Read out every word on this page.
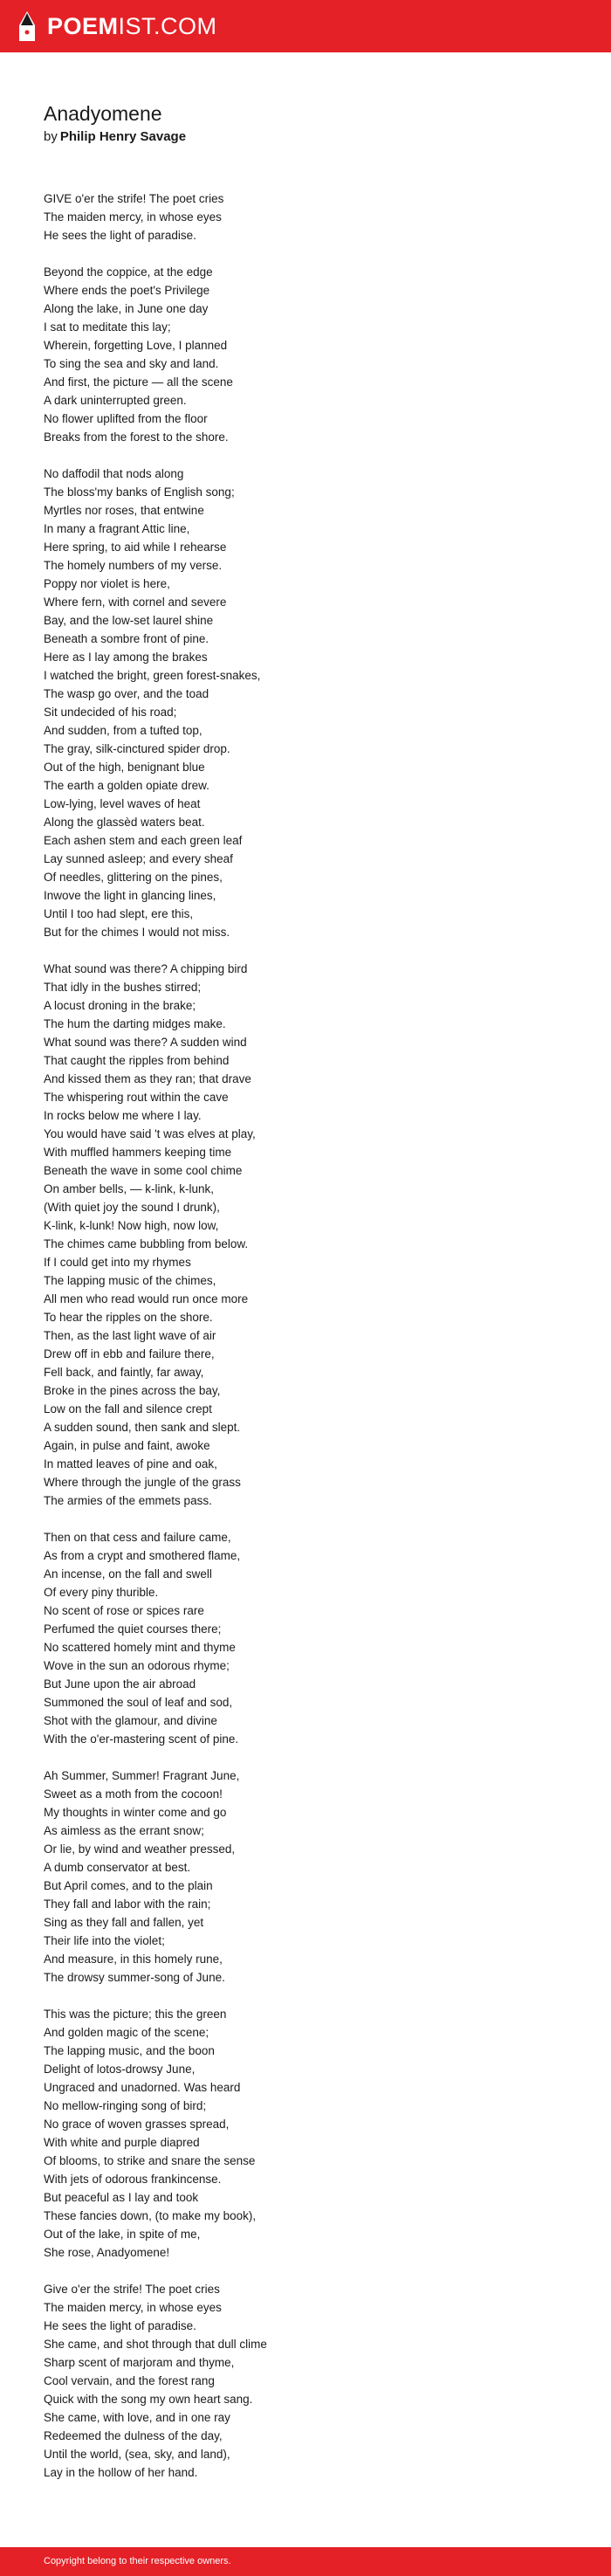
POEMIST.COM
Anadyomene
by Philip Henry Savage
GIVE o'er the strife! The poet cries
The maiden mercy, in whose eyes
He sees the light of paradise.
Beyond the coppice, at the edge
Where ends the poet's Privilege
Along the lake, in June one day
I sat to meditate this lay;
Wherein, forgetting Love, I planned
To sing the sea and sky and land.
And first, the picture — all the scene
A dark uninterrupted green.
No flower uplifted from the floor
Breaks from the forest to the shore.
No daffodil that nods along
The bloss'my banks of English song;
Myrtles nor roses, that entwine
In many a fragrant Attic line,
Here spring, to aid while I rehearse
The homely numbers of my verse.
Poppy nor violet is here,
Where fern, with cornel and severe
Bay, and the low-set laurel shine
Beneath a sombre front of pine.
Here as I lay among the brakes
I watched the bright, green forest-snakes,
The wasp go over, and the toad
Sit undecided of his road;
And sudden, from a tufted top,
The gray, silk-cinctured spider drop.
Out of the high, benignant blue
The earth a golden opiate drew.
Low-lying, level waves of heat
Along the glassèd waters beat.
Each ashen stem and each green leaf
Lay sunned asleep; and every sheaf
Of needles, glittering on the pines,
Inwove the light in glancing lines,
Until I too had slept, ere this,
But for the chimes I would not miss.
What sound was there? A chipping bird
That idly in the bushes stirred;
A locust droning in the brake;
The hum the darting midges make.
What sound was there? A sudden wind
That caught the ripples from behind
And kissed them as they ran; that drave
The whispering rout within the cave
In rocks below me where I lay.
You would have said 't was elves at play,
With muffled hammers keeping time
Beneath the wave in some cool chime
On amber bells, — k-link, k-lunk,
(With quiet joy the sound I drunk),
K-link, k-lunk! Now high, now low,
The chimes came bubbling from below.
If I could get into my rhymes
The lapping music of the chimes,
All men who read would run once more
To hear the ripples on the shore.
Then, as the last light wave of air
Drew off in ebb and failure there,
Fell back, and faintly, far away,
Broke in the pines across the bay,
Low on the fall and silence crept
A sudden sound, then sank and slept.
Again, in pulse and faint, awoke
In matted leaves of pine and oak,
Where through the jungle of the grass
The armies of the emmets pass.
Then on that cess and failure came,
As from a crypt and smothered flame,
An incense, on the fall and swell
Of every piny thurible.
No scent of rose or spices rare
Perfumed the quiet courses there;
No scattered homely mint and thyme
Wove in the sun an odorous rhyme;
But June upon the air abroad
Summoned the soul of leaf and sod,
Shot with the glamour, and divine
With the o'er-mastering scent of pine.
Ah Summer, Summer! Fragrant June,
Sweet as a moth from the cocoon!
My thoughts in winter come and go
As aimless as the errant snow;
Or lie, by wind and weather pressed,
A dumb conservator at best.
But April comes, and to the plain
They fall and labor with the rain;
Sing as they fall and fallen, yet
Their life into the violet;
And measure, in this homely rune,
The drowsy summer-song of June.
This was the picture; this the green
And golden magic of the scene;
The lapping music, and the boon
Delight of lotos-drowsy June,
Ungraced and unadorned. Was heard
No mellow-ringing song of bird;
No grace of woven grasses spread,
With white and purple diapred
Of blooms, to strike and snare the sense
With jets of odorous frankincense.
But peaceful as I lay and took
These fancies down, (to make my book),
Out of the lake, in spite of me,
She rose, Anadyomene!
Give o'er the strife! The poet cries
The maiden mercy, in whose eyes
He sees the light of paradise.
She came, and shot through that dull clime
Sharp scent of marjoram and thyme,
Cool vervain, and the forest rang
Quick with the song my own heart sang.
She came, with love, and in one ray
Redeemed the dulness of the day,
Until the world, (sea, sky, and land),
Lay in the hollow of her hand.
Copyright belong to their respective owners.
